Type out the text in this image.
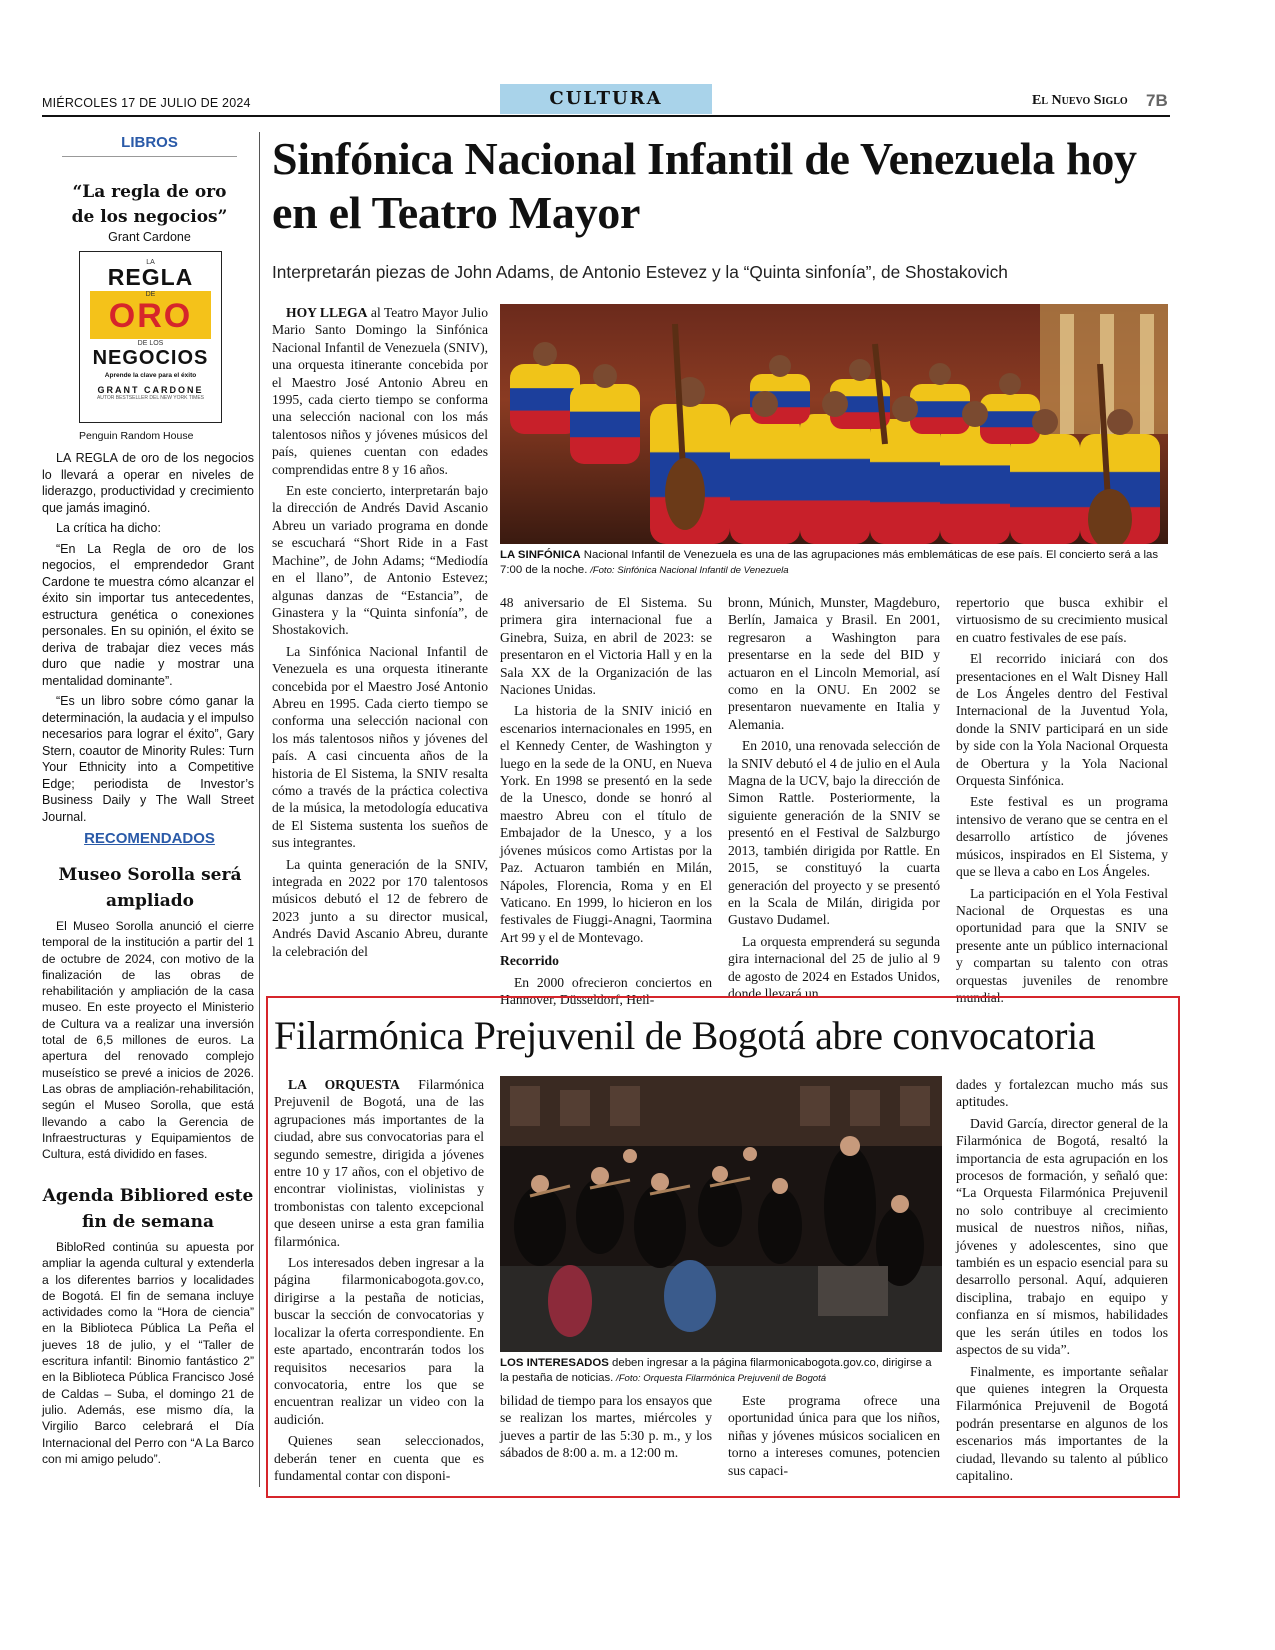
MIÉRCOLES 17 DE JULIO DE 2024	CULTURA	El Nuevo Siglo 7B
LIBROS
“La regla de oro de los negocios”
Grant Cardone
LA
REGLA
DE
ORO
DE LOS
NEGOCIOS
Aprende la clave para el éxito
GRANT CARDONE
AUTOR BESTSELLER DEL NEW YORK TIMES
Penguin Random House

LA REGLA de oro de los negocios lo llevará a operar en niveles de liderazgo, productividad y crecimiento que jamás imaginó.

La crítica ha dicho:

“En La Regla de oro de los negocios, el emprendedor Grant Cardone te muestra cómo alcanzar el éxito sin importar tus antecedentes, estructura genética o conexiones personales. En su opinión, el éxito se deriva de trabajar diez veces más duro que nadie y mostrar una mentalidad dominante”.

“Es un libro sobre cómo ganar la determinación, la audacia y el impulso necesarios para lograr el éxito”, Gary Stern, coautor de Minority Rules: Turn Your Ethnicity into a Competitive Edge; periodista de Investor’s Business Daily y The Wall Street Journal.

RECOMENDADOS
Museo Sorolla será ampliado
El Museo Sorolla anunció el cierre temporal de la institución a partir del 1 de octubre de 2024, con motivo de la finalización de las obras de rehabilitación y ampliación de la casa museo. En este proyecto el Ministerio de Cultura va a realizar una inversión total de 6,5 millones de euros. La apertura del renovado complejo museístico se prevé a inicios de 2026. Las obras de ampliación-rehabilitación, según el Museo Sorolla, que está llevando a cabo la Gerencia de Infraestructuras y Equipamientos de Cultura, está dividido en fases.
Agenda Bibliored este fin de semana
BibloRed continúa su apuesta por ampliar la agenda cultural y extenderla a los diferentes barrios y localidades de Bogotá. El fin de semana incluye actividades como la “Hora de ciencia” en la Biblioteca Pública La Peña el jueves 18 de julio, y el “Taller de escritura infantil: Binomio fantástico 2” en la Biblioteca Pública Francisco José de Caldas – Suba, el domingo 21 de julio. Además, ese mismo día, la Virgilio Barco celebrará el Día Internacional del Perro con “A La Barco con mi amigo peludo”.
Sinfónica Nacional Infantil de Venezuela hoy en el Teatro Mayor
Interpretarán piezas de John Adams, de Antonio Estevez y la “Quinta sinfonía”, de Shostakovich
LA SINFÓNICA Nacional Infantil de Venezuela es una de las agrupaciones más emblemáticas de ese país. El concierto será a las 7:00 de la noche. /Foto: Sinfónica Nacional Infantil de Venezuela

HOY LLEGA al Teatro Mayor Julio Mario Santo Domingo la Sinfónica Nacional Infantil de Venezuela (SNIV), una orquesta itinerante concebida por el Maestro José Antonio Abreu en 1995, cada cierto tiempo se conforma una selección nacional con los más talentosos niños y jóvenes músicos del país, quienes cuentan con edades comprendidas entre 8 y 16 años.

En este concierto, interpretarán bajo la dirección de Andrés David Ascanio Abreu un variado programa en donde se escuchará “Short Ride in a Fast Machine”, de John Adams; “Mediodía en el llano”, de Antonio Estevez; algunas danzas de “Estancia”, de Ginastera y la “Quinta sinfonía”, de Shostakovich.

La Sinfónica Nacional Infantil de Venezuela es una orquesta itinerante concebida por el Maestro José Antonio Abreu en 1995. Cada cierto tiempo se conforma una selección nacional con los más talentosos niños y jóvenes del país. A casi cincuenta años de la historia de El Sistema, la SNIV resalta cómo a través de la práctica colectiva de la música, la metodología educativa de El Sistema sustenta los sueños de sus integrantes.

La quinta generación de la SNIV, integrada en 2022 por 170 talentosos músicos debutó el 12 de febrero de 2023 junto a su director musical, Andrés David Ascanio Abreu, durante la celebración del

48 aniversario de El Sistema. Su primera gira internacional fue a Ginebra, Suiza, en abril de 2023: se presentaron en el Victoria Hall y en la Sala XX de la Organización de las Naciones Unidas.

La historia de la SNIV inició en escenarios internacionales en 1995, en el Kennedy Center, de Washington y luego en la sede de la ONU, en Nueva York. En 1998 se presentó en la sede de la Unesco, donde se honró al maestro Abreu con el título de Embajador de la Unesco, y a los jóvenes músicos como Artistas por la Paz. Actuaron también en Milán, Nápoles, Florencia, Roma y en El Vaticano. En 1999, lo hicieron en los festivales de Fiuggi-Anagni, Taormina Art 99 y el de Montevago.

Recorrido

En 2000 ofrecieron conciertos en Hannover, Düsseldorf, Heil-

bronn, Múnich, Munster, Magdeburo, Berlín, Jamaica y Brasil. En 2001, regresaron a Washington para presentarse en la sede del BID y actuaron en el Lincoln Memorial, así como en la ONU. En 2002 se presentaron nuevamente en Italia y Alemania.

En 2010, una renovada selección de la SNIV debutó el 4 de julio en el Aula Magna de la UCV, bajo la dirección de Simon Rattle. Posteriormente, la siguiente generación de la SNIV se presentó en el Festival de Salzburgo 2013, también dirigida por Rattle. En 2015, se constituyó la cuarta generación del proyecto y se presentó en la Scala de Milán, dirigida por Gustavo Dudamel.

La orquesta emprenderá su segunda gira internacional del 25 de julio al 9 de agosto de 2024 en Estados Unidos, donde llevará un

repertorio que busca exhibir el virtuosismo de su crecimiento musical en cuatro festivales de ese país.

El recorrido iniciará con dos presentaciones en el Walt Disney Hall de Los Ángeles dentro del Festival Internacional de la Juventud Yola, donde la SNIV participará en un side by side con la Yola Nacional Orquesta de Obertura y la Yola Nacional Orquesta Sinfónica.

Este festival es un programa intensivo de verano que se centra en el desarrollo artístico de jóvenes músicos, inspirados en El Sistema, y que se lleva a cabo en Los Ángeles.

La participación en el Yola Festival Nacional de Orquestas es una oportunidad para que la SNIV se presente ante un público internacional y compartan su talento con otras orquestas juveniles de renombre mundial.

Filarmónica Prejuvenil de Bogotá abre convocatoria
LOS INTERESADOS deben ingresar a la página filarmonicabogota.gov.co, dirigirse a la pestaña de noticias. /Foto: Orquesta Filarmónica Prejuvenil de Bogotá

LA ORQUESTA Filarmónica Prejuvenil de Bogotá, una de las agrupaciones más importantes de la ciudad, abre sus convocatorias para el segundo semestre, dirigida a jóvenes entre 10 y 17 años, con el objetivo de encontrar violinistas, violinistas y trombonistas con talento excepcional que deseen unirse a esta gran familia filarmónica.

Los interesados deben ingresar a la página filarmonicabogota.gov.co, dirigirse a la pestaña de noticias, buscar la sección de convocatorias y localizar la oferta correspondiente. En este apartado, encontrarán todos los requisitos necesarios para la convocatoria, entre los que se encuentran realizar un video con la audición.

Quienes sean seleccionados, deberán tener en cuenta que es fundamental contar con disponi-

bilidad de tiempo para los ensayos que se realizan los martes, miércoles y jueves a partir de las 5:30 p. m., y los sábados de 8:00 a. m. a 12:00 m.

Este programa ofrece una oportunidad única para que los niños, niñas y jóvenes músicos socialicen en torno a intereses comunes, potencien sus capaci-

dades y fortalezcan mucho más sus aptitudes.

David García, director general de la Filarmónica de Bogotá, resaltó la importancia de esta agrupación en los procesos de formación, y señaló que: “La Orquesta Filarmónica Prejuvenil no solo contribuye al crecimiento musical de nuestros niños, niñas, jóvenes y adolescentes, sino que también es un espacio esencial para su desarrollo personal. Aquí, adquieren disciplina, trabajo en equipo y confianza en sí mismos, habilidades que les serán útiles en todos los aspectos de su vida”.

Finalmente, es importante señalar que quienes integren la Orquesta Filarmónica Prejuvenil de Bogotá podrán presentarse en algunos de los escenarios más importantes de la ciudad, llevando su talento al público capitalino.
